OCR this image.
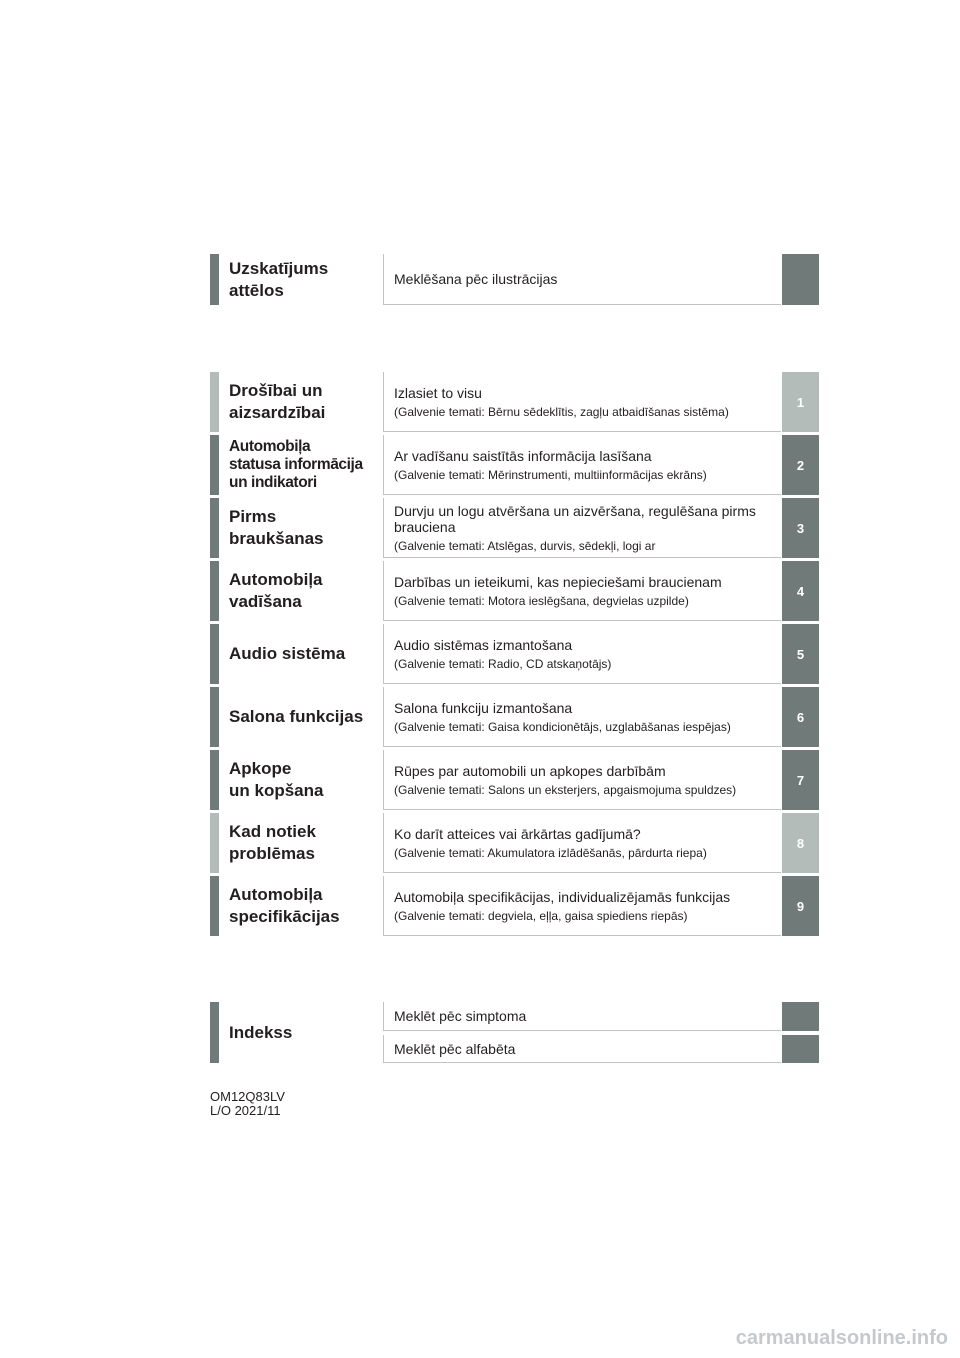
Uzskatījums
attēlos
Meklēšana pēc ilustrācijas
Drošībai un
aizsardzībai
Izlasiet to visu
(Galvenie temati: Bērnu sēdeklītis, zagļu atbaidīšanas sistēma)
1
Automobiļa
statusa informācija
un indikatori
Ar vadīšanu saistītās informācija lasīšana
(Galvenie temati: Mērinstrumenti, multiinformācijas ekrāns)
2
Pirms
braukšanas
Durvju un logu atvēršana un aizvēršana, regulēšana pirms brauciena
(Galvenie temati: Atslēgas, durvis, sēdekļi, logi ar
3
Automobiļa
vadīšana
Darbības un ieteikumi, kas nepieciešami braucienam
(Galvenie temati: Motora ieslēgšana, degvielas uzpilde)
4
Audio sistēma	Audio sistēmas izmantošana
(Galvenie temati: Radio, CD atskaņotājs)
5
Salona funkcijas	Salona funkciju izmantošana
(Galvenie temati: Gaisa kondicionētājs, uzglabāšanas iespējas)
6
Apkope
un kopšana
Rūpes par automobili un apkopes darbībām
(Galvenie temati: Salons un eksterjers, apgaismojuma spuldzes)
7
Kad notiek
problēmas
Ko darīt atteices vai ārkārtas gadījumā?
(Galvenie temati: Akumulatora izlādēšanās, pārdurta riepa)
8
Automobiļa
specifikācijas
Automobiļa specifikācijas, individualizējamās funkcijas
(Galvenie temati: degviela, eļļa, gaisa spiediens riepās)
9
Indekss
Meklēt pēc simptoma
Meklēt pēc alfabēta
OM12Q83LV
L/O 2021/11
carmanualsonline.info
